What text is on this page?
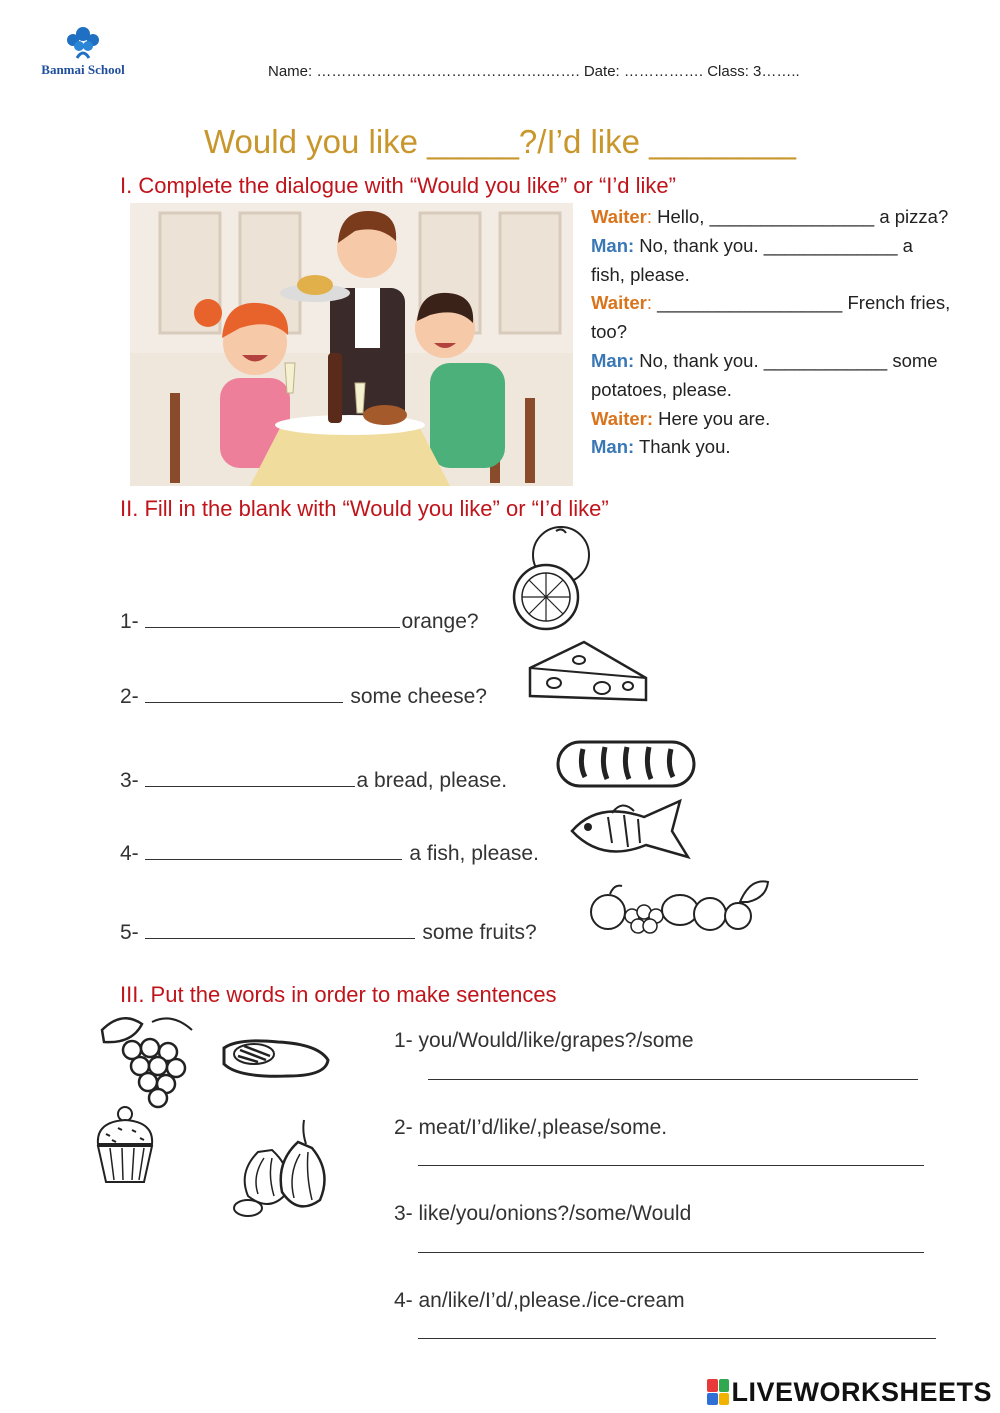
Banmai School	Name: ……………………………………….……. Date: ……………. Class: 3……..
Would you like _____?/I’d like ________
I. Complete the dialogue with “Would you like” or “I’d like”
Waiter: Hello, ________________ a pizza?
Man: No, thank you. _____________ a fish, please.
Waiter: __________________ French fries, too?
Man: No, thank you. ____________ some potatoes, please.
Waiter: Here you are.
Man: Thank you.
II. Fill in the blank with “Would you like” or “I’d like”
1-	orange?
2-	some cheese?
3-	a bread, please.
4-	a fish, please.
5-	some fruits?
III. Put the words in order to make sentences
1- you/Would/like/grapes?/some
2- meat/I’d/like/,please/some.
3- like/you/onions?/some/Would
4- an/like/I’d/,please./ice-cream
LIVEWORKSHEETS
